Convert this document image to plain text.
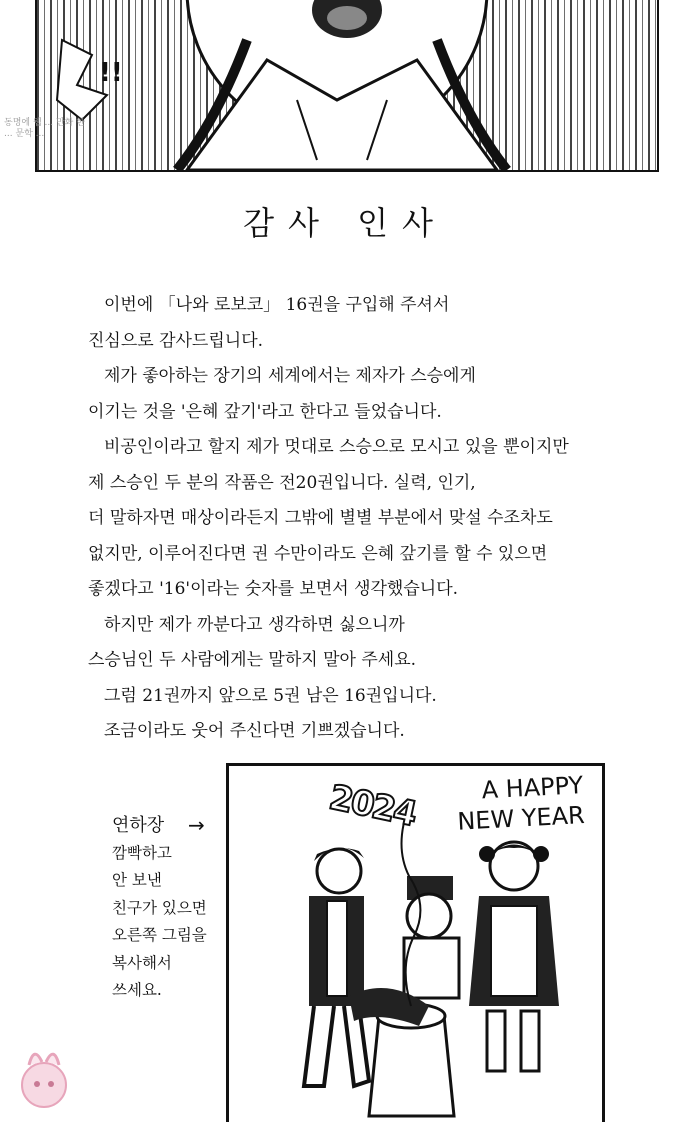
!!
동명에 웹 ... 만화 한 ... 문학 ...
감사 인사
이번에 「나와 로보코」 16권을 구입해 주셔서
진심으로 감사드립니다.
제가 좋아하는 장기의 세계에서는 제자가 스승에게
이기는 것을 '은혜 갚기'라고 한다고 들었습니다.
비공인이라고 할지 제가 멋대로 스승으로 모시고 있을 뿐이지만
제 스승인 두 분의 작품은 전20권입니다. 실력, 인기,
더 말하자면 매상이라든지 그밖에 별별 부분에서 맞설 수조차도
없지만, 이루어진다면 권 수만이라도 은혜 갚기를 할 수 있으면
좋겠다고 '16'이라는 숫자를 보면서 생각했습니다.
하지만 제가 까분다고 생각하면 싫으니까
스승님인 두 사람에게는 말하지 말아 주세요.
그럼 21권까지 앞으로 5권 남은 16권입니다.
조금이라도 웃어 주신다면 기쁘겠습니다.
연하장
깜빡하고
안 보낸
친구가 있으면
오른쪽 그림을
복사해서
쓰세요.
→	2024	A HAPPY
NEW YEAR
